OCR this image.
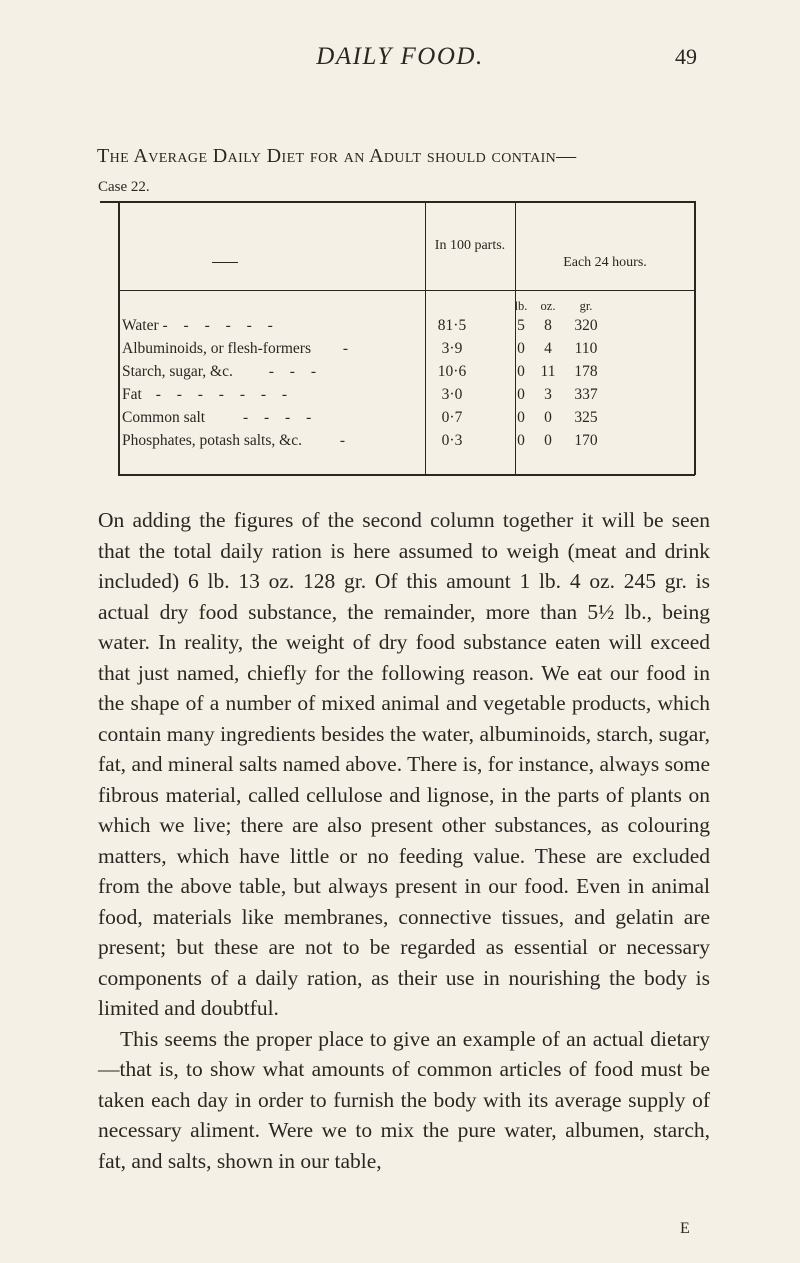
DAILY FOOD.	49
The Average Daily Diet for an Adult should contain—
Case 22.
In 100 parts.
Each 24 hours.
lb.	oz.	gr.
Water - - - - - -	81·5	5	8	320
Albuminoids, or flesh-formers -	3·9	0	4	110
Starch, sugar, &c. - - -	10·6	0 11	178
Fat - - - - - - -	3·0	0	3	337
Common salt - - - -	0·7	0	0	325
Phosphates, potash salts, &c. -	0·3	0	0	170

On adding the figures of the second column together it will be seen that the total daily ration is here assumed to weigh (meat and drink included) 6 lb. 13 oz. 128 gr. Of this amount 1 lb. 4 oz. 245 gr. is actual dry food substance, the remainder, more than 5½ lb., being water. In reality, the weight of dry food substance eaten will exceed that just named, chiefly for the following reason. We eat our food in the shape of a number of mixed animal and vegetable products, which contain many ingredients besides the water, albuminoids, starch, sugar, fat, and mineral salts named above. There is, for instance, always some fibrous material, called cellulose and lignose, in the parts of plants on which we live; there are also present other substances, as colouring matters, which have little or no feeding value. These are excluded from the above table, but always present in our food. Even in animal food, materials like membranes, connective tissues, and gelatin are present; but these are not to be regarded as essential or necessary components of a daily ration, as their use in nourishing the body is limited and doubtful.

This seems the proper place to give an example of an actual dietary—that is, to show what amounts of common articles of food must be taken each day in order to furnish the body with its average supply of necessary aliment. Were we to mix the pure water, albumen, starch, fat, and salts, shown in our table,

E
